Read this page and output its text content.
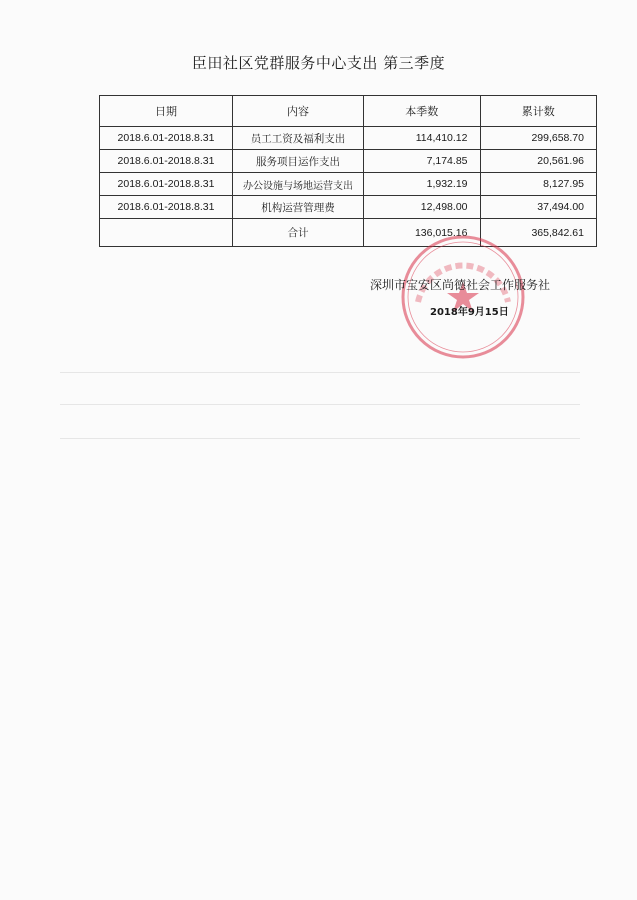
臣田社区党群服务中心支出 第三季度
日期	内容	本季数	累计数
2018.6.01-2018.8.31	员工工资及福利支出	114,410.12	299,658.70
2018.6.01-2018.8.31	服务项目运作支出	7,174.85	20,561.96
2018.6.01-2018.8.31	办公设施与场地运营支出	1,932.19	8,127.95
2018.6.01-2018.8.31	机构运营管理费	12,498.00	37,494.00
	合计	136,015.16	365,842.61
深圳市宝安区尚德社会工作服务社
2018年9月15日
